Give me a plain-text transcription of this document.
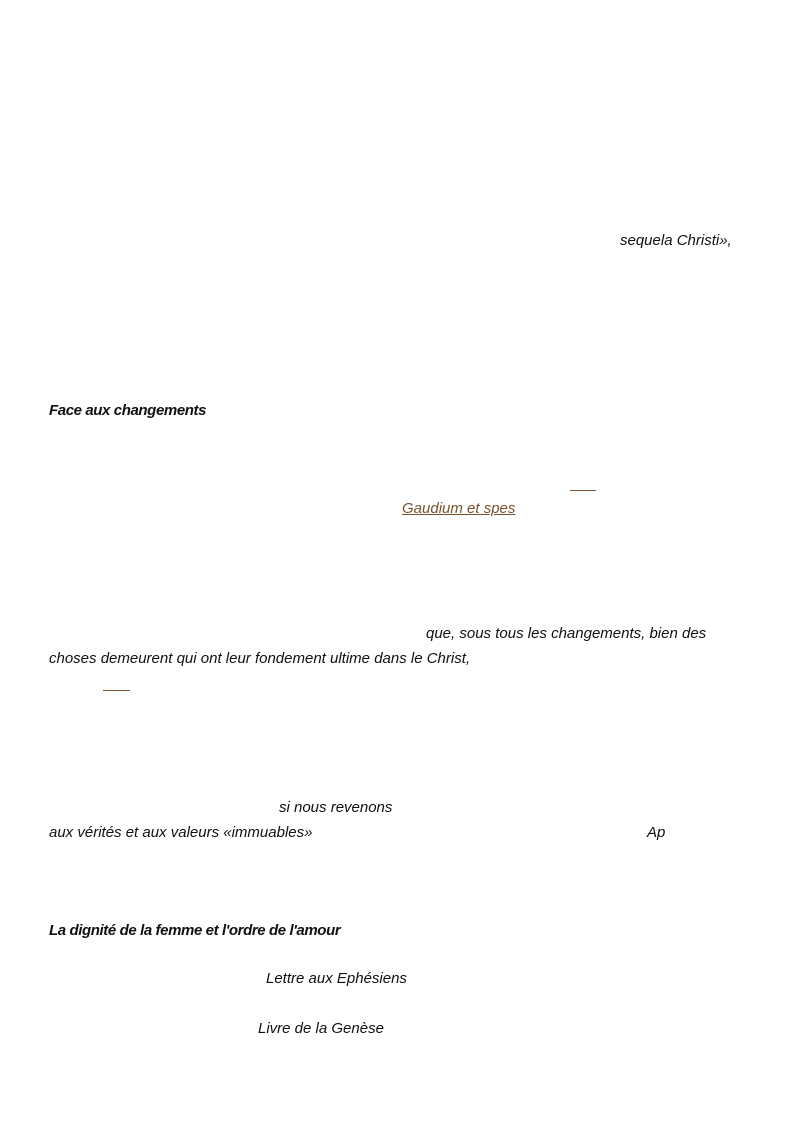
sequela Christi»,
Face aux changements
Gaudium et spes
que, sous tous les changements, bien des
choses demeurent qui ont leur fondement ultime dans le Christ,
si nous revenons
aux vérités et aux valeurs «immuables»	Ap
La dignité de la femme et l'ordre de l'amour
Lettre aux Ephésiens
Livre de la Genèse
